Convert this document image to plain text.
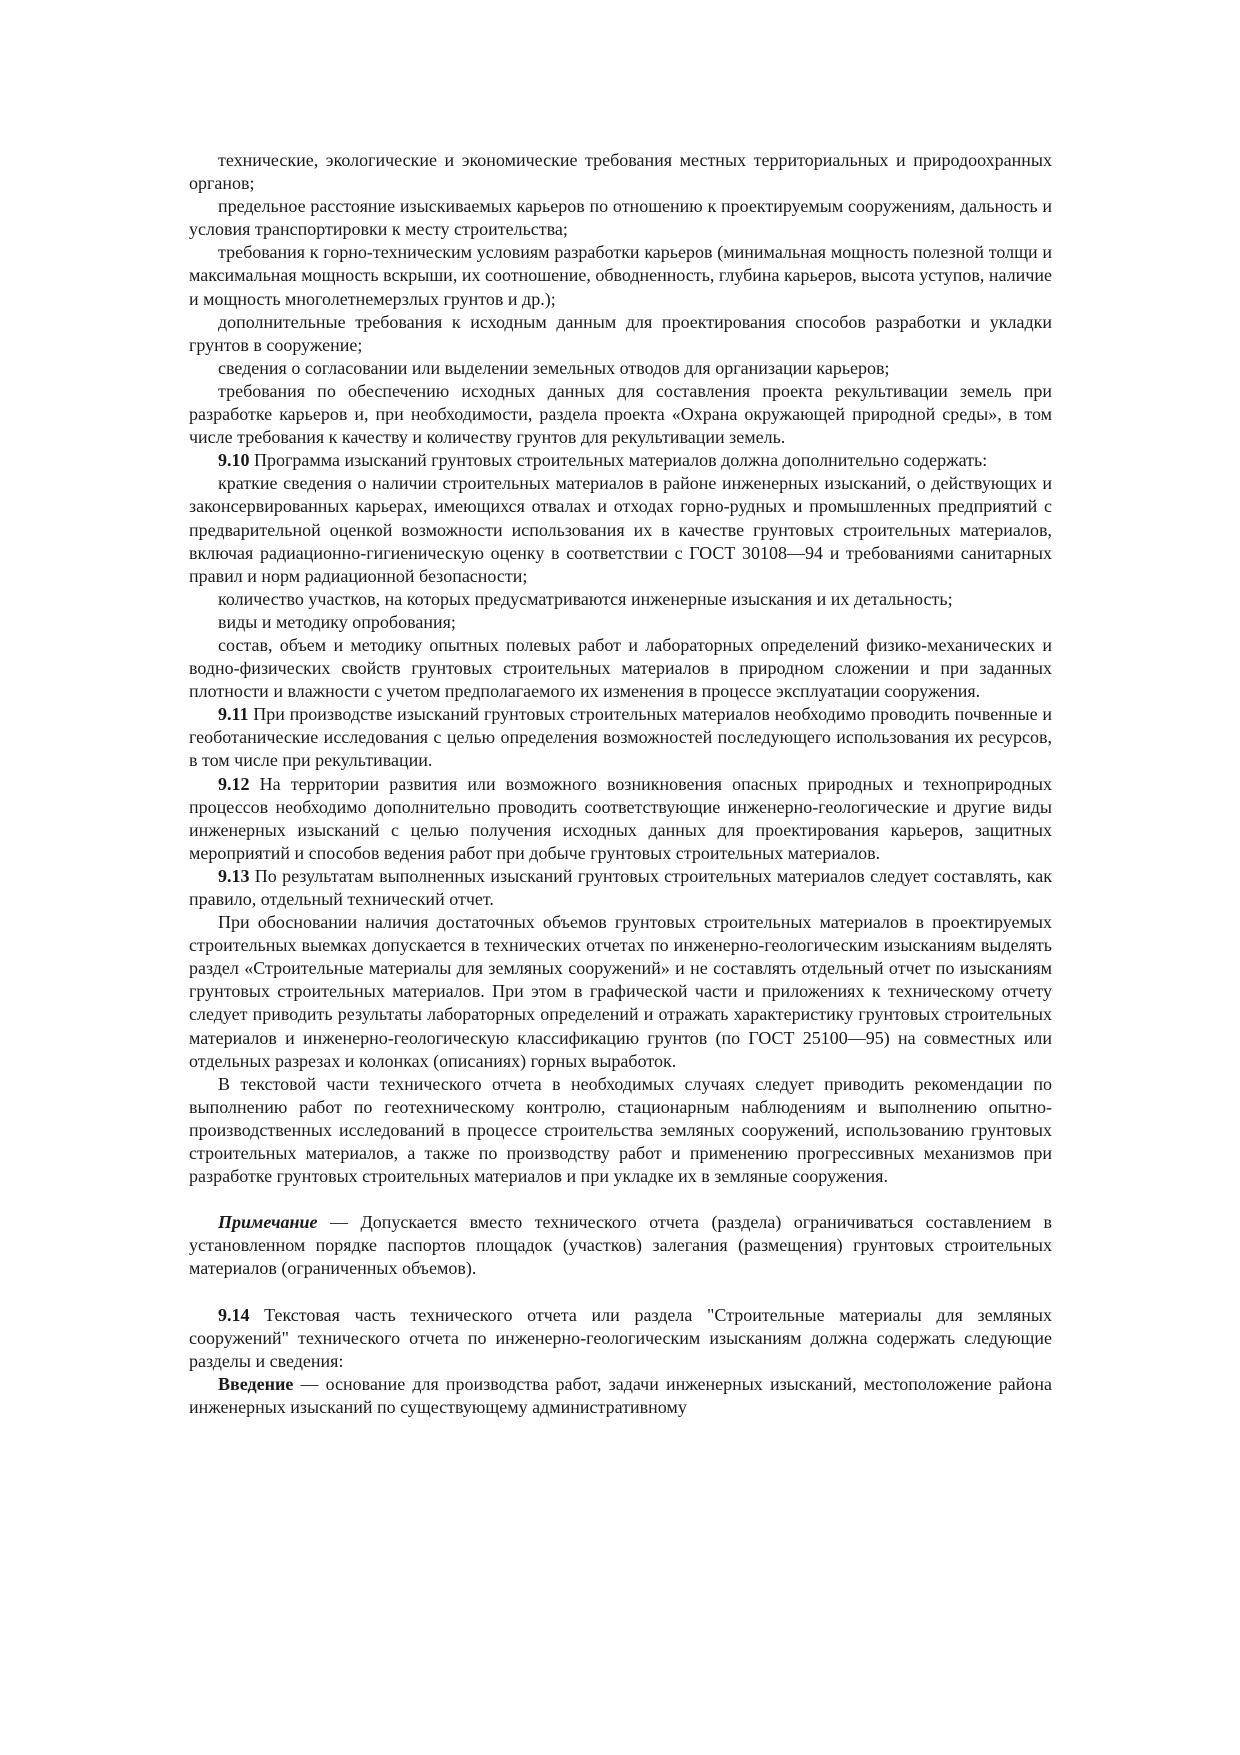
технические, экологические и экономические требования местных территориальных и природоохранных органов;

предельное расстояние изыскиваемых карьеров по отношению к проектируемым сооружениям, дальность и условия транспортировки к месту строительства;

требования к горно-техническим условиям разработки карьеров (минимальная мощность полезной толщи и максимальная мощность вскрыши, их соотношение, обводненность, глубина карьеров, высота уступов, наличие и мощность многолетнемерзлых грунтов и др.);

дополнительные требования к исходным данным для проектирования способов разработки и укладки грунтов в сооружение;

сведения о согласовании или выделении земельных отводов для организации карьеров;

требования по обеспечению исходных данных для составления проекта рекультивации земель при разработке карьеров и, при необходимости, раздела проекта «Охрана окружающей природной среды», в том числе требования к качеству и количеству грунтов для рекультивации земель.

9.10 Программа изысканий грунтовых строительных материалов должна дополнительно содержать:

краткие сведения о наличии строительных материалов в районе инженерных изысканий, о действующих и законсервированных карьерах, имеющихся отвалах и отходах горно-рудных и промышленных предприятий с предварительной оценкой возможности использования их в качестве грунтовых строительных материалов, включая радиационно-гигиеническую оценку в соответствии с ГОСТ 30108—94 и требованиями санитарных правил и норм радиационной безопасности;

количество участков, на которых предусматриваются инженерные изыскания и их детальность;

виды и методику опробования;

состав, объем и методику опытных полевых работ и лабораторных определений физико-механических и водно-физических свойств грунтовых строительных материалов в природном сложении и при заданных плотности и влажности с учетом предполагаемого их изменения в процессе эксплуатации сооружения.

9.11 При производстве изысканий грунтовых строительных материалов необходимо проводить почвенные и геоботанические исследования с целью определения возможностей последующего использования их ресурсов, в том числе при рекультивации.

9.12 На территории развития или возможного возникновения опасных природных и техноприродных процессов необходимо дополнительно проводить соответствующие инженерно-геологические и другие виды инженерных изысканий с целью получения исходных данных для проектирования карьеров, защитных мероприятий и способов ведения работ при добыче грунтовых строительных материалов.

9.13 По результатам выполненных изысканий грунтовых строительных материалов следует составлять, как правило, отдельный технический отчет.

При обосновании наличия достаточных объемов грунтовых строительных материалов в проектируемых строительных выемках допускается в технических отчетах по инженерно-геологическим изысканиям выделять раздел «Строительные материалы для земляных сооружений» и не составлять отдельный отчет по изысканиям грунтовых строительных материалов. При этом в графической части и приложениях к техническому отчету следует приводить результаты лабораторных определений и отражать характеристику грунтовых строительных материалов и инженерно-геологическую классификацию грунтов (по ГОСТ 25100—95) на совместных или отдельных разрезах и колонках (описаниях) горных выработок.

В текстовой части технического отчета в необходимых случаях следует приводить рекомендации по выполнению работ по геотехническому контролю, стационарным наблюдениям и выполнению опытно-производственных исследований в процессе строительства земляных сооружений, использованию грунтовых строительных материалов, а также по производству работ и применению прогрессивных механизмов при разработке грунтовых строительных материалов и при укладке их в земляные сооружения.

Примечание — Допускается вместо технического отчета (раздела) ограничиваться составлением в установленном порядке паспортов площадок (участков) залегания (размещения) грунтовых строительных материалов (ограниченных объемов).

9.14 Текстовая часть технического отчета или раздела "Строительные материалы для земляных сооружений" технического отчета по инженерно-геологическим изысканиям должна содержать следующие разделы и сведения:

Введение — основание для производства работ, задачи инженерных изысканий, местоположение района инженерных изысканий по существующему административному
